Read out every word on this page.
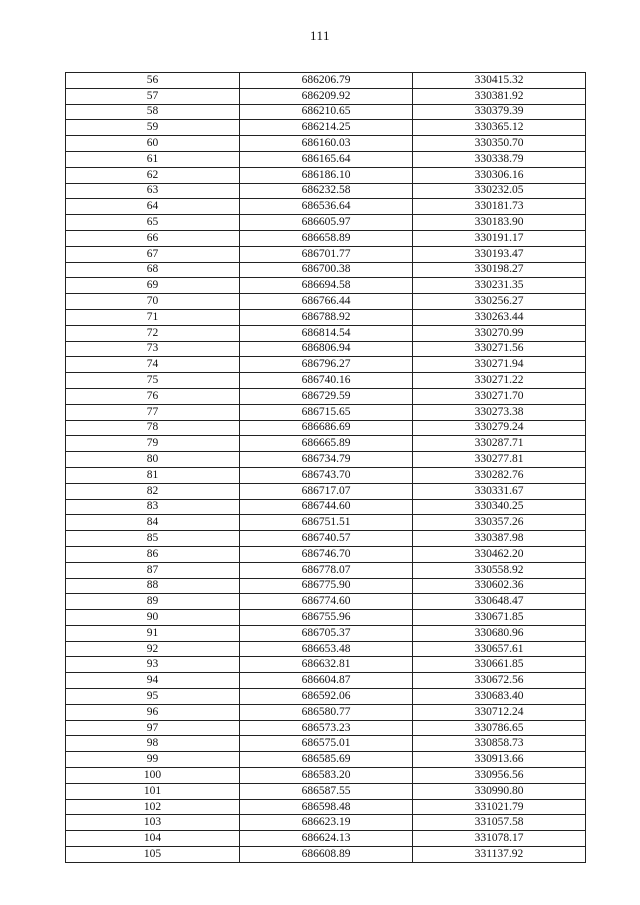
111
56	686206.79	330415.32
57	686209.92	330381.92
58	686210.65	330379.39
59	686214.25	330365.12
60	686160.03	330350.70
61	686165.64	330338.79
62	686186.10	330306.16
63	686232.58	330232.05
64	686536.64	330181.73
65	686605.97	330183.90
66	686658.89	330191.17
67	686701.77	330193.47
68	686700.38	330198.27
69	686694.58	330231.35
70	686766.44	330256.27
71	686788.92	330263.44
72	686814.54	330270.99
73	686806.94	330271.56
74	686796.27	330271.94
75	686740.16	330271.22
76	686729.59	330271.70
77	686715.65	330273.38
78	686686.69	330279.24
79	686665.89	330287.71
80	686734.79	330277.81
81	686743.70	330282.76
82	686717.07	330331.67
83	686744.60	330340.25
84	686751.51	330357.26
85	686740.57	330387.98
86	686746.70	330462.20
87	686778.07	330558.92
88	686775.90	330602.36
89	686774.60	330648.47
90	686755.96	330671.85
91	686705.37	330680.96
92	686653.48	330657.61
93	686632.81	330661.85
94	686604.87	330672.56
95	686592.06	330683.40
96	686580.77	330712.24
97	686573.23	330786.65
98	686575.01	330858.73
99	686585.69	330913.66
100	686583.20	330956.56
101	686587.55	330990.80
102	686598.48	331021.79
103	686623.19	331057.58
104	686624.13	331078.17
105	686608.89	331137.92
